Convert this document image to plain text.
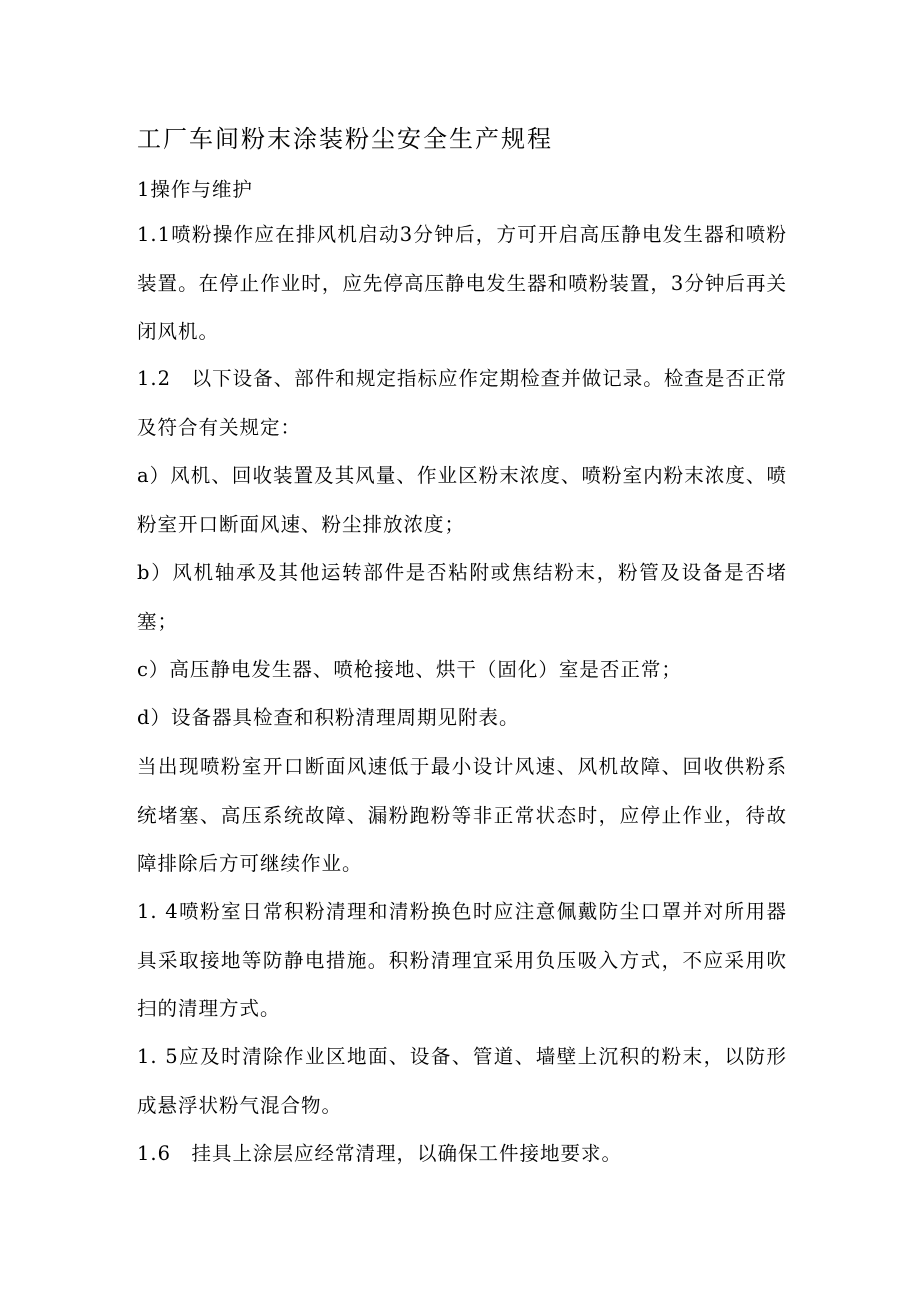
工厂车间粉末涂装粉尘安全生产规程

1操作与维护

1.1喷粉操作应在排风机启动3分钟后，方可开启高压静电发生器和喷粉装置。在停止作业时，应先停高压静电发生器和喷粉装置，3分钟后再关闭风机。

1.2　以下设备、部件和规定指标应作定期检查并做记录。检查是否正常及符合有关规定：

a）风机、回收装置及其风量、作业区粉末浓度、喷粉室内粉末浓度、喷粉室开口断面风速、粉尘排放浓度；

b）风机轴承及其他运转部件是否粘附或焦结粉末，粉管及设备是否堵塞；

c）高压静电发生器、喷枪接地、烘干（固化）室是否正常；

d）设备器具检查和积粉清理周期见附表。

当出现喷粉室开口断面风速低于最小设计风速、风机故障、回收供粉系统堵塞、高压系统故障、漏粉跑粉等非正常状态时，应停止作业，待故障排除后方可继续作业。

1. 4喷粉室日常积粉清理和清粉换色时应注意佩戴防尘口罩并对所用器具采取接地等防静电措施。积粉清理宜采用负压吸入方式，不应采用吹扫的清理方式。

1. 5应及时清除作业区地面、设备、管道、墙壁上沉积的粉末，以防形成悬浮状粉气混合物。

1.6　挂具上涂层应经常清理，以确保工件接地要求。
